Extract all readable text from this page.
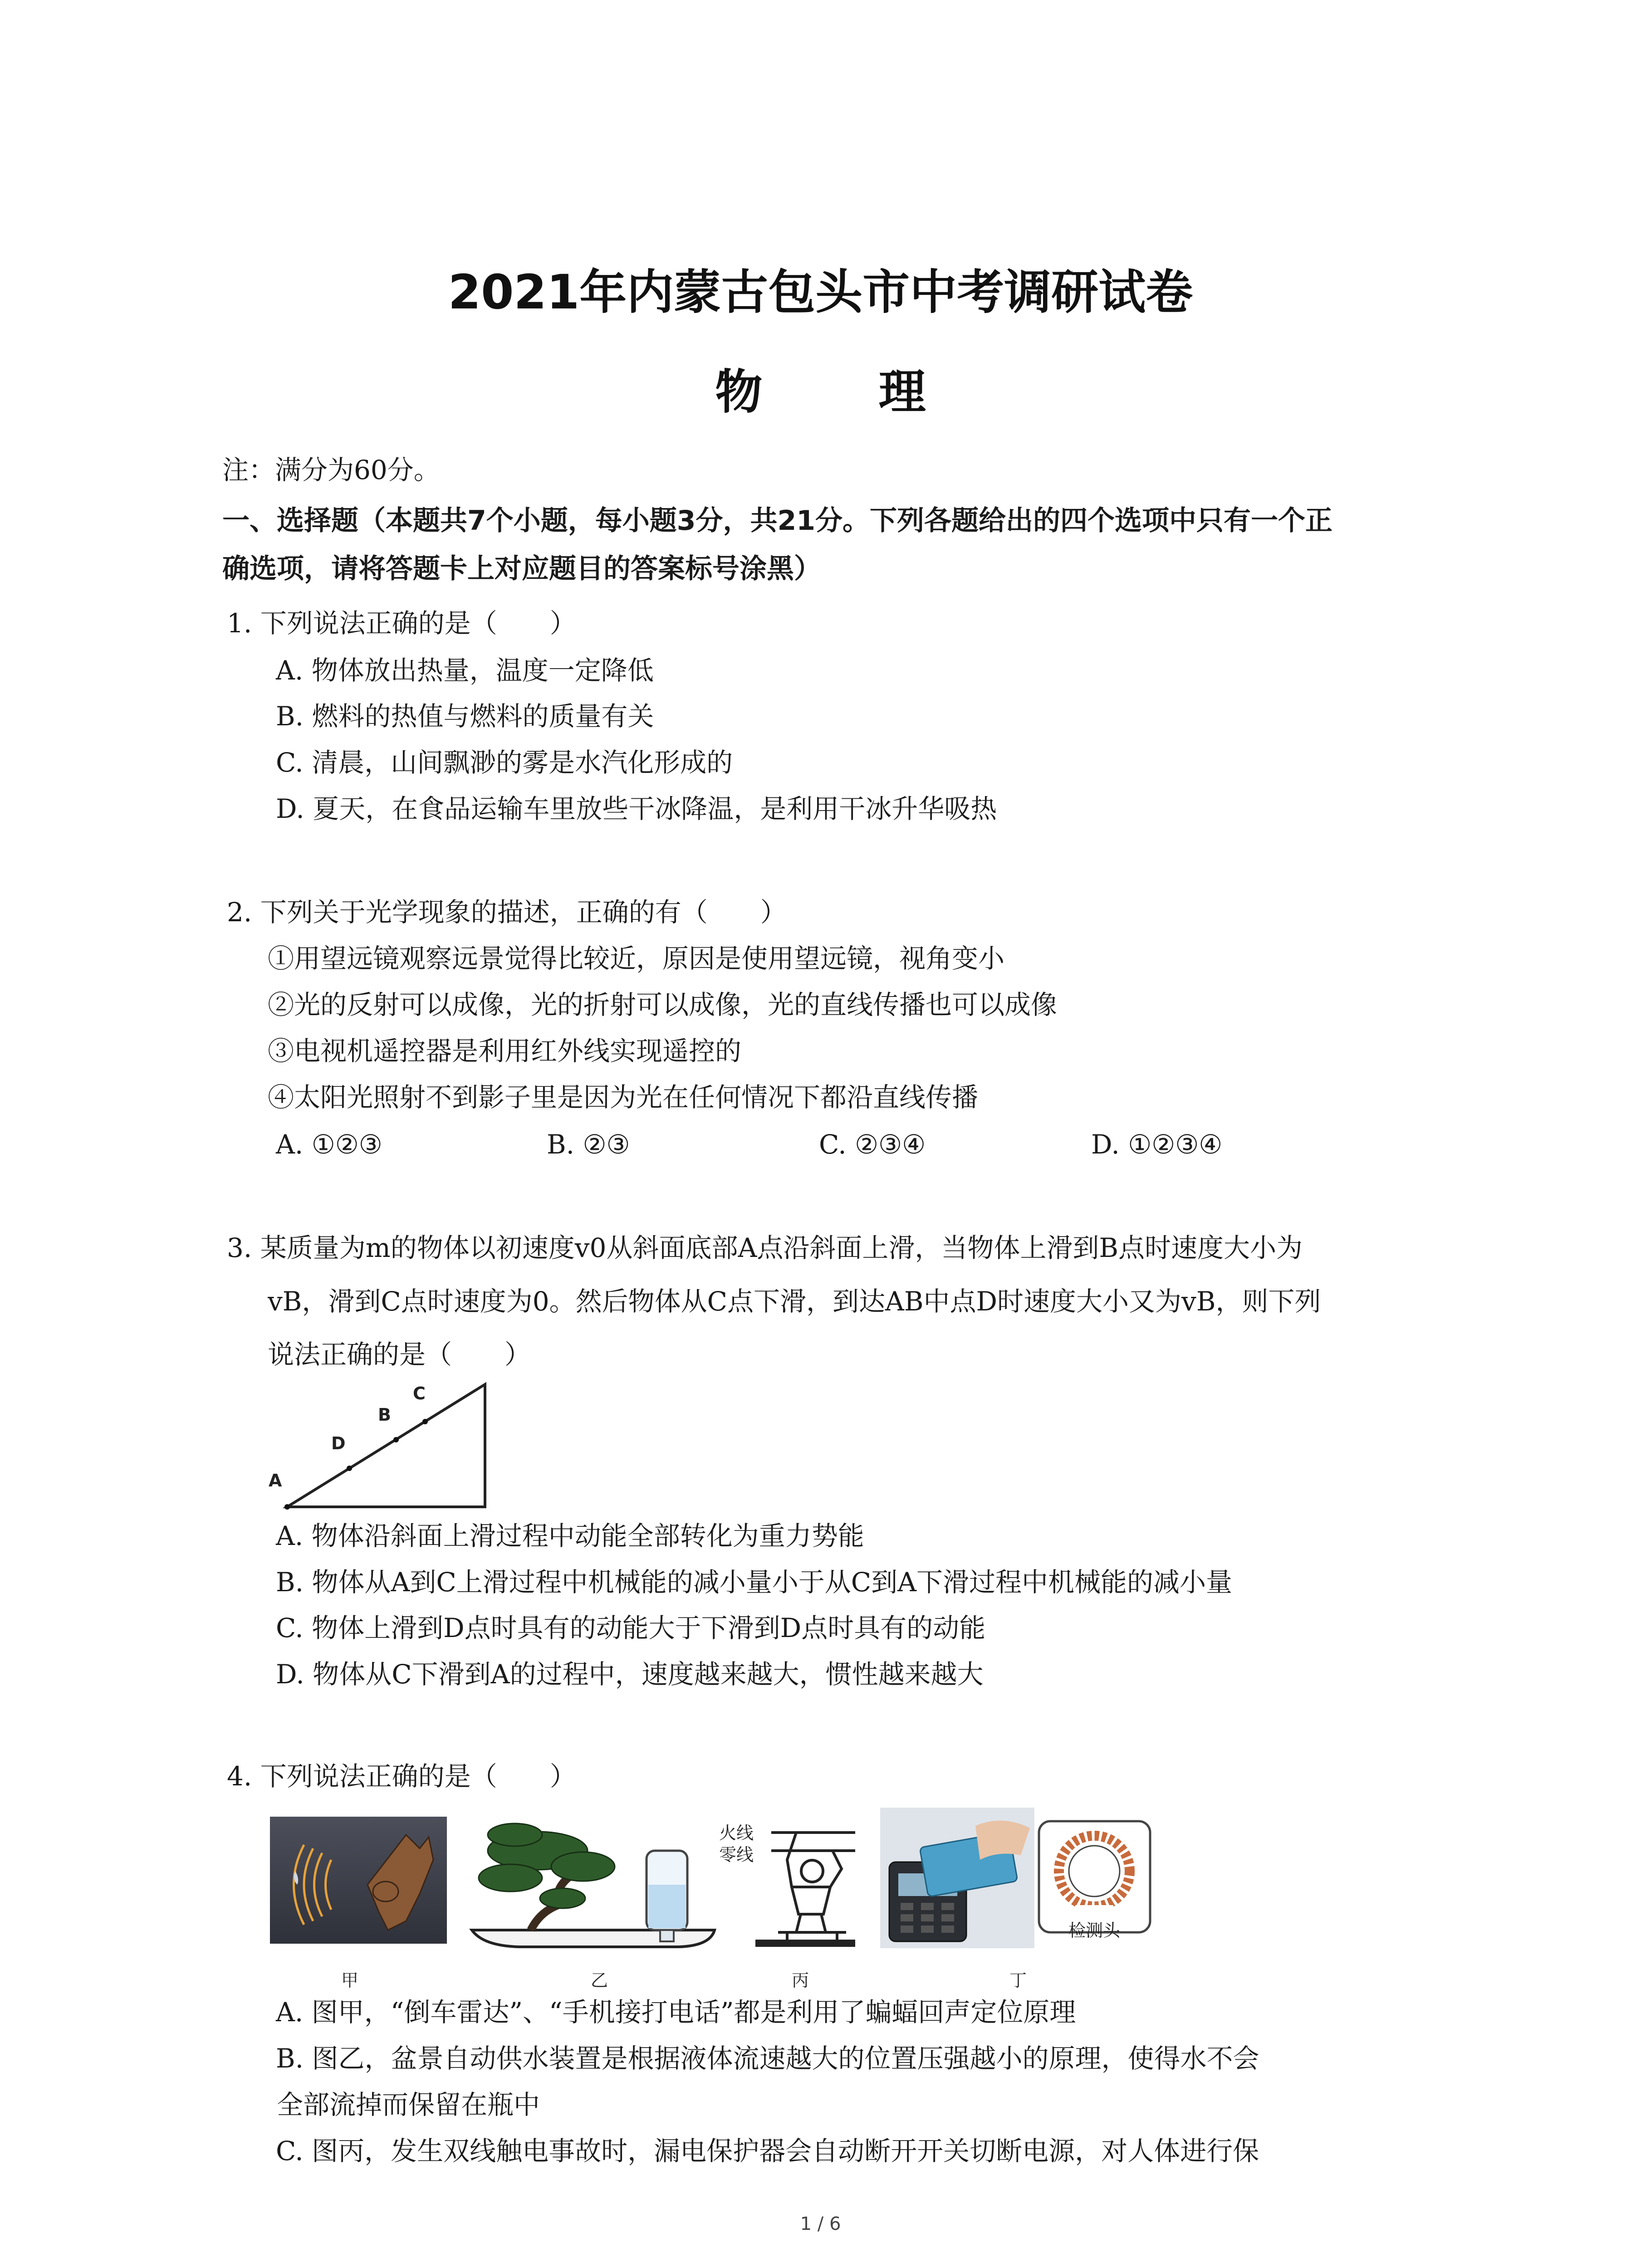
2021年内蒙古包头市中考调研试卷
物 理
注：满分为60分。
一、选择题（本题共7个小题，每小题3分，共21分。下列各题给出的四个选项中只有一个正
确选项，请将答题卡上对应题目的答案标号涂黑）
1. 下列说法正确的是（　　）
A. 物体放出热量，温度一定降低
B. 燃料的热值与燃料的质量有关
C. 清晨，山间飘渺的雾是水汽化形成的
D. 夏天，在食品运输车里放些干冰降温，是利用干冰升华吸热
2. 下列关于光学现象的描述，正确的有（　　）
①用望远镜观察远景觉得比较近，原因是使用望远镜，视角变小
②光的反射可以成像，光的折射可以成像，光的直线传播也可以成像
③电视机遥控器是利用红外线实现遥控的
④太阳光照射不到影子里是因为光在任何情况下都沿直线传播
A. ①②③	B. ②③	C. ②③④	D. ①②③④
3. 某质量为m的物体以初速度v0从斜面底部A点沿斜面上滑，当物体上滑到B点时速度大小为
vB，滑到C点时速度为0。然后物体从C点下滑，到达AB中点D时速度大小又为vB，则下列
说法正确的是（　　）
A
D
B
C
A. 物体沿斜面上滑过程中动能全部转化为重力势能
B. 物体从A到C上滑过程中机械能的减小量小于从C到A下滑过程中机械能的减小量
C. 物体上滑到D点时具有的动能大于下滑到D点时具有的动能
D. 物体从C下滑到A的过程中，速度越来越大，惯性越来越大
4. 下列说法正确的是（　　）
甲	乙
火线
零线
丙
检测头
丁
A. 图甲，“倒车雷达”、“手机接打电话”都是利用了蝙蝠回声定位原理
B. 图乙，盆景自动供水装置是根据液体流速越大的位置压强越小的原理，使得水不会
全部流掉而保留在瓶中
C. 图丙，发生双线触电事故时，漏电保护器会自动断开开关切断电源，对人体进行保
1 / 6
